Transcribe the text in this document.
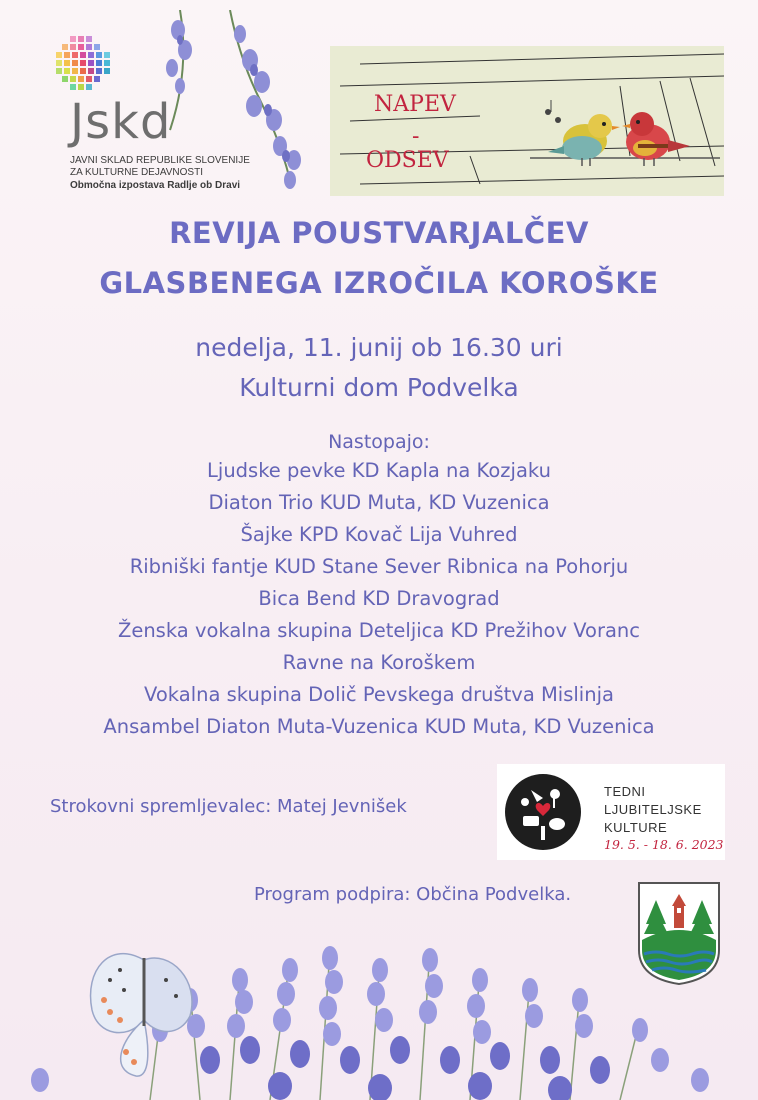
Jskd
JAVNI SKLAD REPUBLIKE SLOVENIJE
ZA KULTURNE DEJAVNOSTI
Območna izpostava Radlje ob Dravi
NAPEV
-
ODSEV
REVIJA POUSTVARJALČEV
GLASBENEGA IZROČILA KOROŠKE
nedelja, 11. junij ob 16.30 uri
Kulturni dom Podvelka
Nastopajo:
Ljudske pevke KD Kapla na Kozjaku
Diaton Trio KUD Muta, KD Vuzenica
Šajke KPD Kovač Lija Vuhred
Ribniški fantje KUD Stane Sever Ribnica na Pohorju
Bica Bend KD Dravograd
Ženska vokalna skupina Deteljica KD Prežihov Voranc
Ravne na Koroškem
Vokalna skupina Dolič Pevskega društva Mislinja
Ansambel Diaton Muta-Vuzenica KUD Muta, KD Vuzenica
Strokovni spremljevalec: Matej Jevnišek
TEDNI
LJUBITELJSKE
KULTURE
19. 5. - 18. 6. 2023
Program podpira: Občina Podvelka.
